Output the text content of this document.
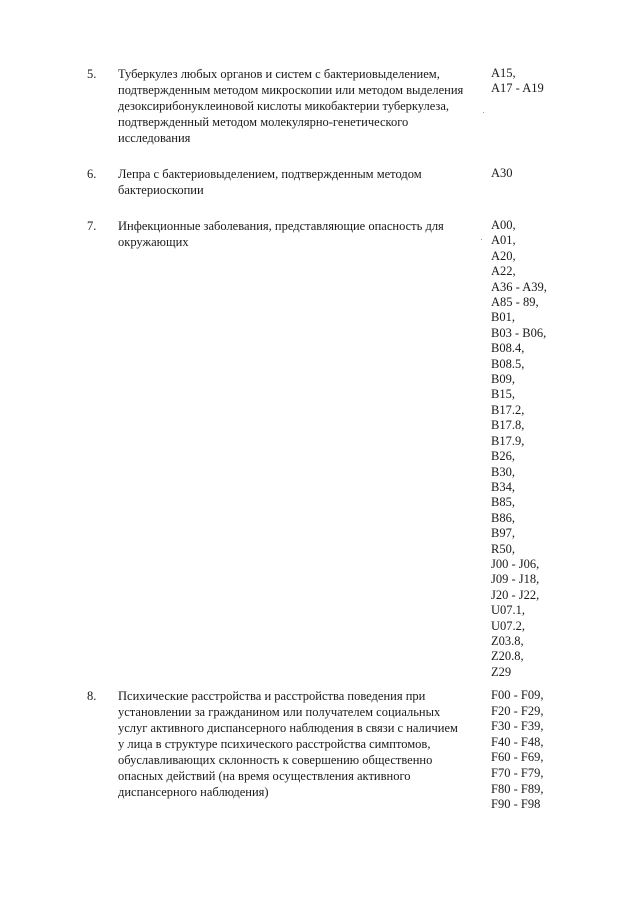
5. Туберкулез любых органов и систем с бактериовыделением,
подтвержденным методом микроскопии или методом выделения
дезоксирибонуклеиновой кислоты микобактерии туберкулеза,
подтвержденный методом молекулярно-генетического
исследования
A15,
A17 - A19
6. Лепра с бактериовыделением, подтвержденным методом
бактериоскопии
A30
7. Инфекционные заболевания, представляющие опасность для
окружающих
A00,
A01,
A20,
A22,
A36 - A39,
A85 - 89,
B01,
B03 - B06,
B08.4,
B08.5,
B09,
B15,
B17.2,
B17.8,
B17.9,
B26,
B30,
B34,
B85,
B86,
B97,
R50,
J00 - J06,
J09 - J18,
J20 - J22,
U07.1,
U07.2,
Z03.8,
Z20.8,
Z29
8. Психические расстройства и расстройства поведения при
установлении за гражданином или получателем социальных
услуг активного диспансерного наблюдения в связи с наличием
у лица в структуре психического расстройства симптомов,
обуславливающих склонность к совершению общественно
опасных действий (на время осуществления активного
диспансерного наблюдения)
F00 - F09,
F20 - F29,
F30 - F39,
F40 - F48,
F60 - F69,
F70 - F79,
F80 - F89,
F90 - F98
